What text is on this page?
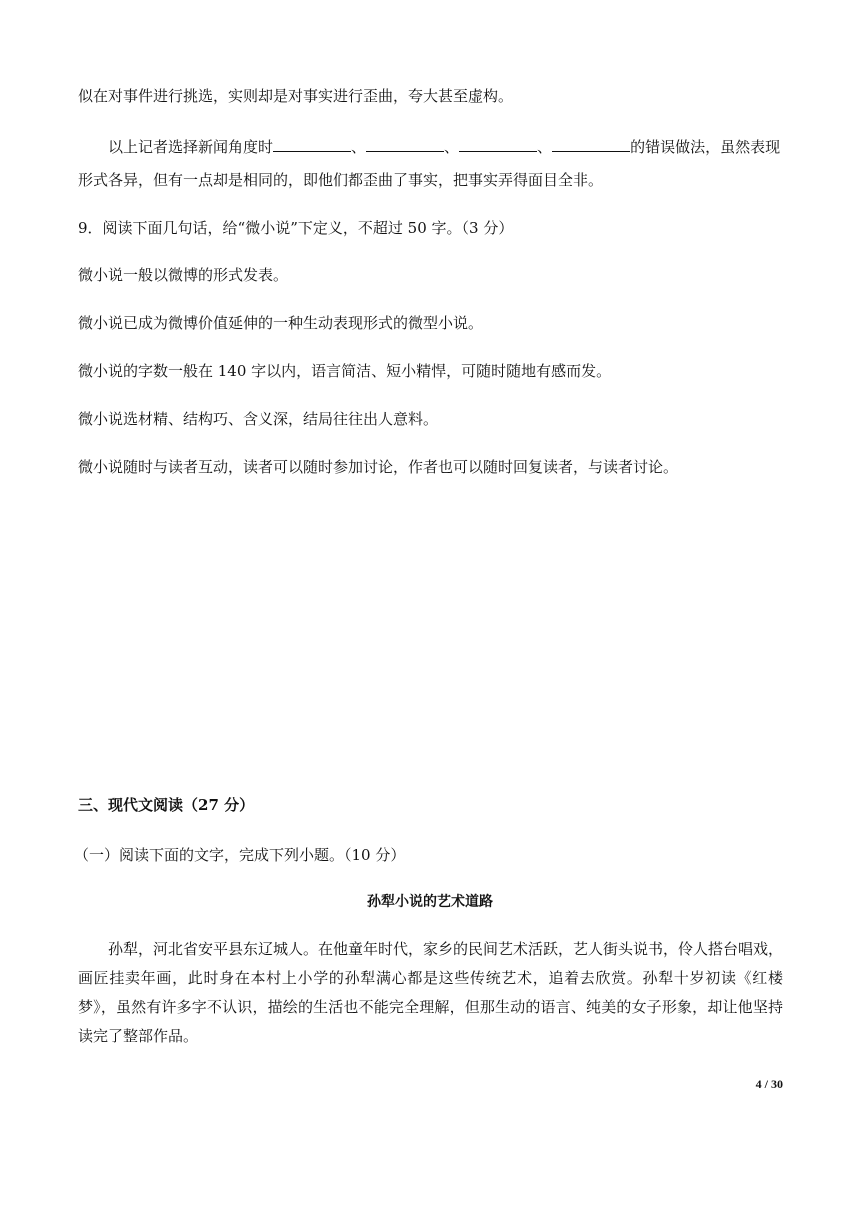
似在对事件进行挑选，实则却是对事实进行歪曲，夸大甚至虚构。
以上记者选择新闻角度时	、	、	、	的错误做法，虽然表现
形式各异，但有一点却是相同的，即他们都歪曲了事实，把事实弄得面目全非。
9．阅读下面几句话，给“微小说”下定义，不超过 50 字。（3 分）
微小说一般以微博的形式发表。
微小说已成为微博价值延伸的一种生动表现形式的微型小说。
微小说的字数一般在 140 字以内，语言简洁、短小精悍，可随时随地有感而发。
微小说选材精、结构巧、含义深，结局往往出人意料。
微小说随时与读者互动，读者可以随时参加讨论，作者也可以随时回复读者，与读者讨论。
三、现代文阅读（27 分）
（一）阅读下面的文字，完成下列小题。（10 分）
孙犁小说的艺术道路
孙犁，河北省安平县东辽城人。在他童年时代，家乡的民间艺术活跃，艺人街头说书，伶人搭台唱戏，画匠挂卖年画，此时身在本村上小学的孙犁满心都是这些传统艺术，追着去欣赏。孙犁十岁初读《红楼梦》，虽然有许多字不认识，描绘的生活也不能完全理解，但那生动的语言、纯美的女子形象，却让他坚持读完了整部作品。
4 / 30
